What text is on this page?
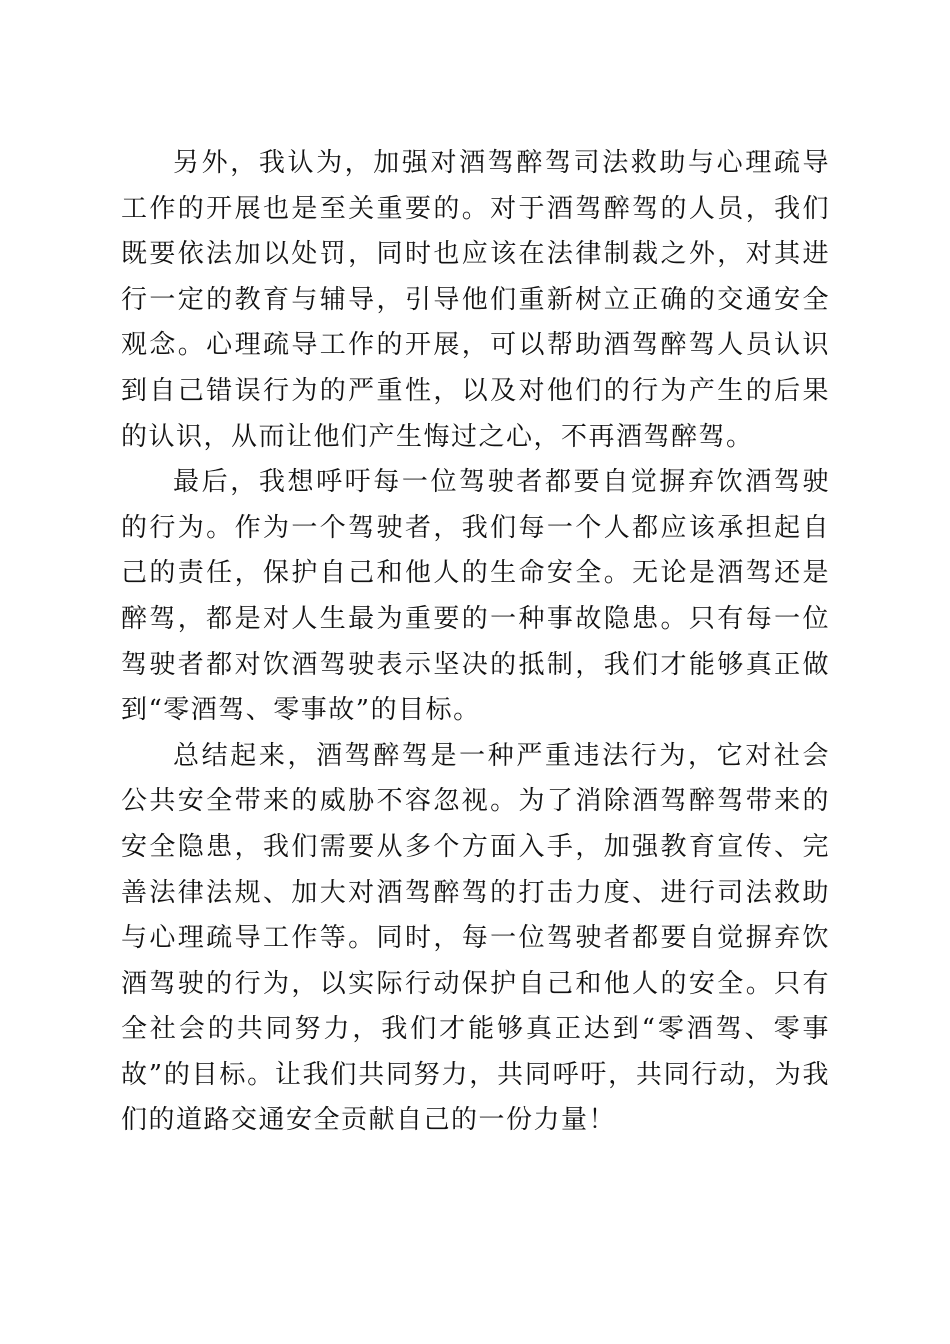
另外，我认为，加强对酒驾醉驾司法救助与心理疏导工作的开展也是至关重要的。对于酒驾醉驾的人员，我们既要依法加以处罚，同时也应该在法律制裁之外，对其进行一定的教育与辅导，引导他们重新树立正确的交通安全观念。心理疏导工作的开展，可以帮助酒驾醉驾人员认识到自己错误行为的严重性，以及对他们的行为产生的后果的认识，从而让他们产生悔过之心，不再酒驾醉驾。

最后，我想呼吁每一位驾驶者都要自觉摒弃饮酒驾驶的行为。作为一个驾驶者，我们每一个人都应该承担起自己的责任，保护自己和他人的生命安全。无论是酒驾还是醉驾，都是对人生最为重要的一种事故隐患。只有每一位驾驶者都对饮酒驾驶表示坚决的抵制，我们才能够真正做到“零酒驾、零事故”的目标。

总结起来，酒驾醉驾是一种严重违法行为，它对社会公共安全带来的威胁不容忽视。为了消除酒驾醉驾带来的安全隐患，我们需要从多个方面入手，加强教育宣传、完善法律法规、加大对酒驾醉驾的打击力度、进行司法救助与心理疏导工作等。同时，每一位驾驶者都要自觉摒弃饮酒驾驶的行为，以实际行动保护自己和他人的安全。只有全社会的共同努力，我们才能够真正达到“零酒驾、零事故”的目标。让我们共同努力，共同呼吁，共同行动，为我们的道路交通安全贡献自己的一份力量！
